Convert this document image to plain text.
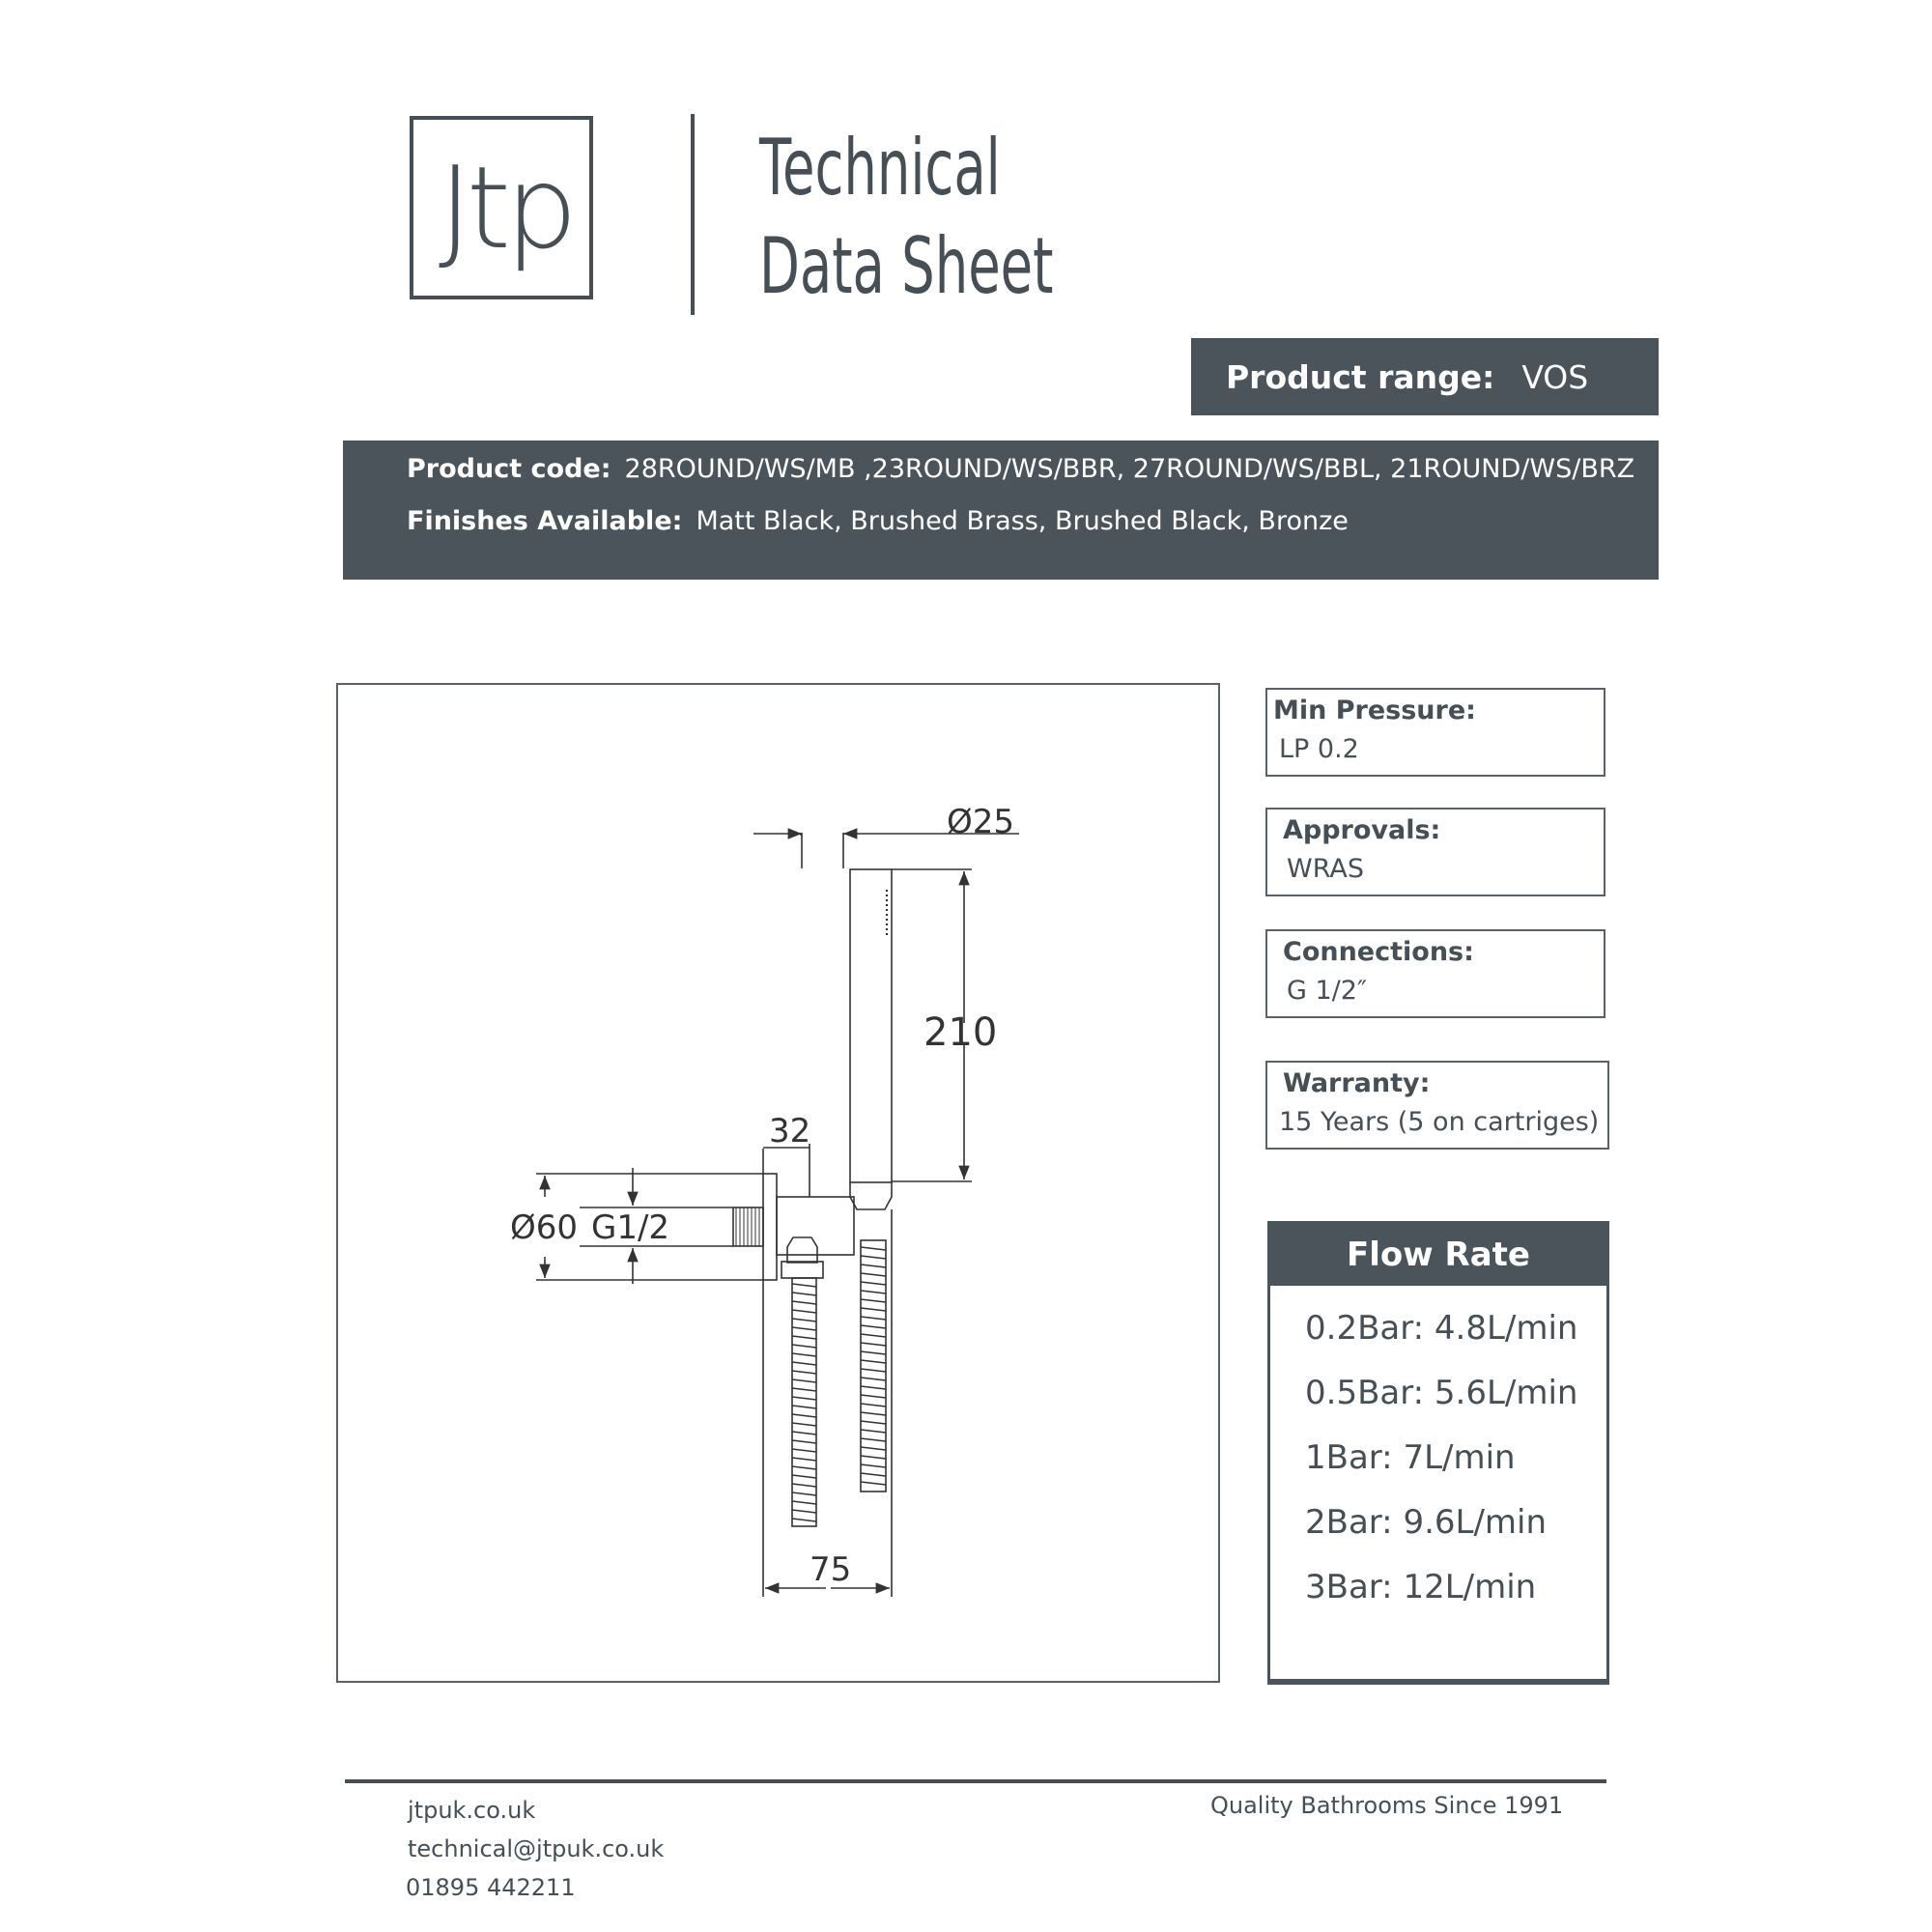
Jtp	Technical
Data Sheet
Product range: VOS
Product code: 28ROUND/WS/MB ,23ROUND/WS/BBR, 27ROUND/WS/BBL, 21ROUND/WS/BRZ
Finishes Available: Matt Black, Brushed Brass, Brushed Black, Bronze
Ø25
210
32
Ø60 G1/2
75
Min Pressure:
LP 0.2
Approvals:
WRAS
Connections:
G 1/2″
Warranty:
15 Years (5 on cartriges)
Flow Rate
0.2Bar: 4.8L/min
0.5Bar: 5.6L/min
1Bar: 7L/min
2Bar: 9.6L/min
3Bar: 12L/min
jtpuk.co.uk
technical@jtpuk.co.uk
01895 442211
Quality Bathrooms Since 1991
